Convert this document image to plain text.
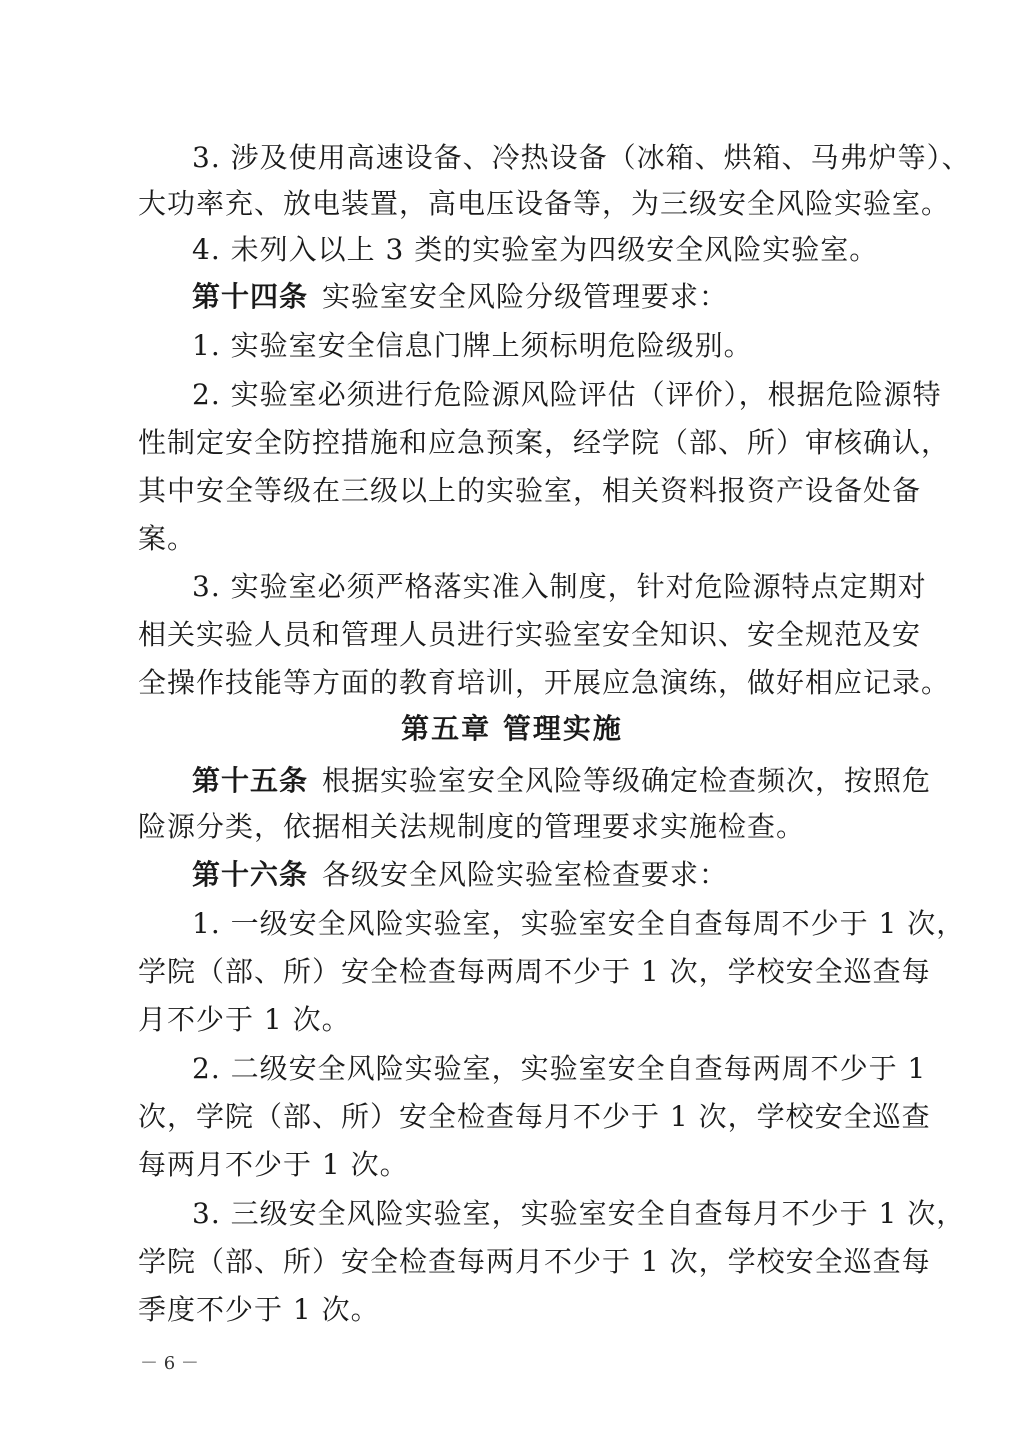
3. 涉及使用高速设备、冷热设备（冰箱、烘箱、马弗炉等）、
大功率充、放电装置，高电压设备等，为三级安全风险实验室。
4. 未列入以上 3 类的实验室为四级安全风险实验室。
第十四条 实验室安全风险分级管理要求：
1. 实验室安全信息门牌上须标明危险级别。
2. 实验室必须进行危险源风险评估（评价），根据危险源特
性制定安全防控措施和应急预案，经学院（部、所）审核确认，
其中安全等级在三级以上的实验室，相关资料报资产设备处备
案。
3. 实验室必须严格落实准入制度，针对危险源特点定期对
相关实验人员和管理人员进行实验室安全知识、安全规范及安
全操作技能等方面的教育培训，开展应急演练，做好相应记录。
第五章 管理实施
第十五条 根据实验室安全风险等级确定检查频次，按照危
险源分类，依据相关法规制度的管理要求实施检查。
第十六条 各级安全风险实验室检查要求：
1. 一级安全风险实验室，实验室安全自查每周不少于 1 次，
学院（部、所）安全检查每两周不少于 1 次，学校安全巡查每
月不少于 1 次。
2. 二级安全风险实验室，实验室安全自查每两周不少于 1
次，学院（部、所）安全检查每月不少于 1 次，学校安全巡查
每两月不少于 1 次。
3. 三级安全风险实验室，实验室安全自查每月不少于 1 次，
学院（部、所）安全检查每两月不少于 1 次，学校安全巡查每
季度不少于 1 次。
－ 6 －
